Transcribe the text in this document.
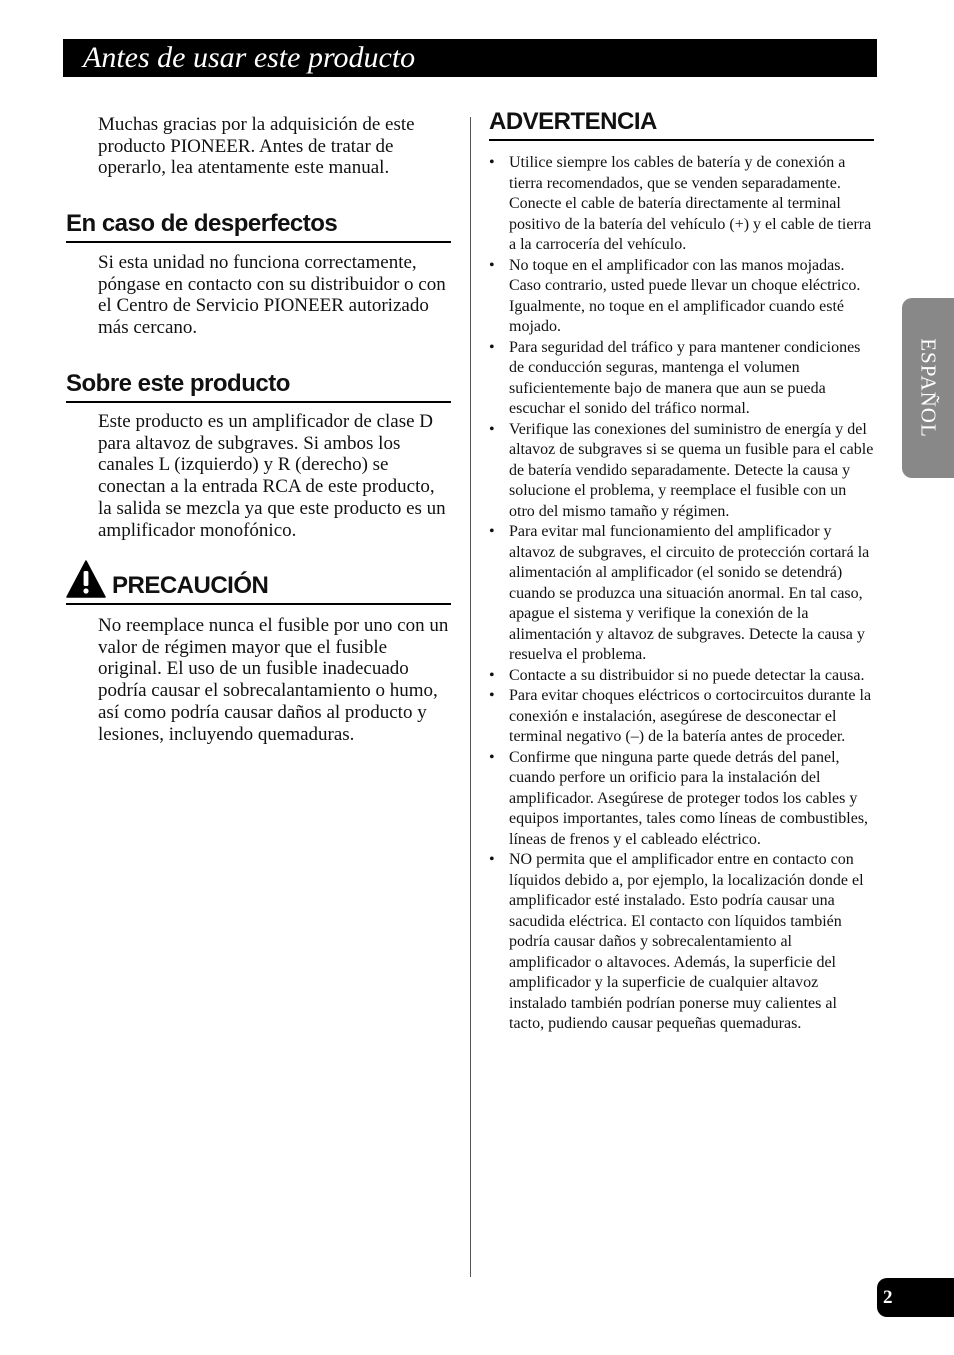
Antes de usar este producto

Muchas gracias por la adquisición de este producto PIONEER. Antes de tratar de operarlo, lea atentamente este manual.

En caso de desperfectos

Si esta unidad no funciona correctamente, póngase en contacto con su distribuidor o con el Centro de Servicio PIONEER autorizado más cercano.

Sobre este producto

Este producto es un amplificador de clase D para altavoz de subgraves. Si ambos los canales L (izquierdo) y R (derecho) se conectan a la entrada RCA de este producto, la salida se mezcla ya que este producto es un amplificador monofónico.

PRECAUCIÓN

No reemplace nunca el fusible por uno con un valor de régimen mayor que el fusible original. El uso de un fusible inadecuado podría causar el sobrecalantamiento o humo, así como podría causar daños al producto y lesiones, incluyendo quemaduras.

ADVERTENCIA
• Utilice siempre los cables de batería y de conexión a tierra recomendados, que se venden separadamente. Conecte el cable de batería directamente al terminal positivo de la batería del vehículo (+) y el cable de tierra a la carrocería del vehículo.
• No toque en el amplificador con las manos mojadas. Caso contrario, usted puede llevar un choque eléctrico. Igualmente, no toque en el amplificador cuando esté mojado.
• Para seguridad del tráfico y para mantener condiciones de conducción seguras, mantenga el volumen suficientemente bajo de manera que aun se pueda escuchar el sonido del tráfico normal.
• Verifique las conexiones del suministro de energía y del altavoz de subgraves si se quema un fusible para el cable de batería vendido separadamente. Detecte la causa y solucione el problema, y reemplace el fusible con un otro del mismo tamaño y régimen.
• Para evitar mal funcionamiento del amplificador y altavoz de subgraves, el circuito de protección cortará la alimentación al amplificador (el sonido se detendrá) cuando se produzca una situación anormal. En tal caso, apague el sistema y verifique la conexión de la alimentación y altavoz de subgraves. Detecte la causa y resuelva el problema.
• Contacte a su distribuidor si no puede detectar la causa.
• Para evitar choques eléctricos o cortocircuitos durante la conexión e instalación, asegúrese de desconectar el terminal negativo (–) de la batería antes de proceder.
• Confirme que ninguna parte quede detrás del panel, cuando perfore un orificio para la instalación del amplificador. Asegúrese de proteger todos los cables y equipos importantes, tales como líneas de combustibles, líneas de frenos y el cableado eléctrico.
• NO permita que el amplificador entre en contacto con líquidos debido a, por ejemplo, la localización donde el amplificador esté instalado. Esto podría causar una sacudida eléctrica. El contacto con líquidos también podría causar daños y sobrecalentamiento al amplificador o altavoces. Además, la superficie del amplificador y la superficie de cualquier altavoz instalado también podrían ponerse muy calientes al tacto, pudiendo causar pequeñas quemaduras.
ESPAÑOL
2
